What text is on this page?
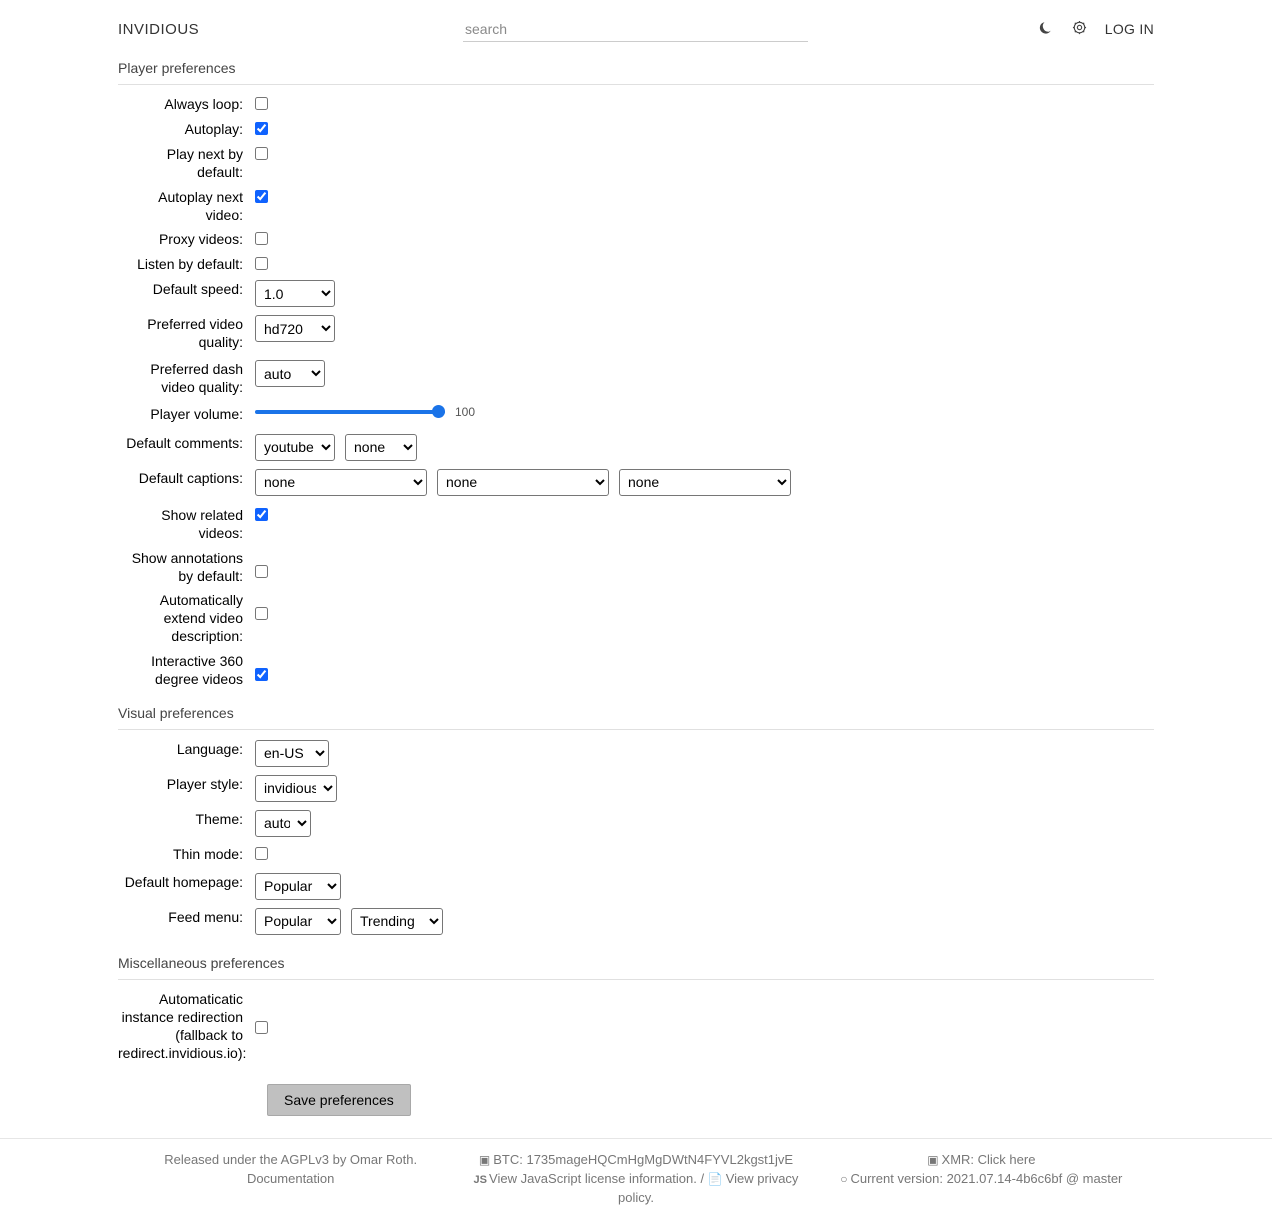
INVIDIOUS
search	LOG IN
Player preferences
Always loop:
Autoplay:
Play next by default:
Autoplay next video:
Proxy videos:
Listen by default:
Default speed:
1.0
Preferred video quality:
hd720
Preferred dash video quality:
auto
Player volume:	100
Default comments:
youtube
none
Default captions:
none
none
none
Show related videos:
Show annotations by default:
Automatically extend video description:
Interactive 360 degree videos
Visual preferences
Language:
en-US
Player style:
invidious
Theme:
auto
Thin mode:
Default homepage:
Popular
Feed menu:
Popular
Trending
Miscellaneous preferences
Automaticatic instance redirection (fallback to redirect.invidious.io):
Save preferences
Released under the AGPLv3 by Omar Roth.
Documentation
▣ BTC: 1735mageHQCmHgMgDWtN4FYVL2kgst1jvE
JS View JavaScript license information. / 📄 View privacy policy.
▣ XMR: Click here
○ Current version: 2021.07.14-4b6c6bf @ master
